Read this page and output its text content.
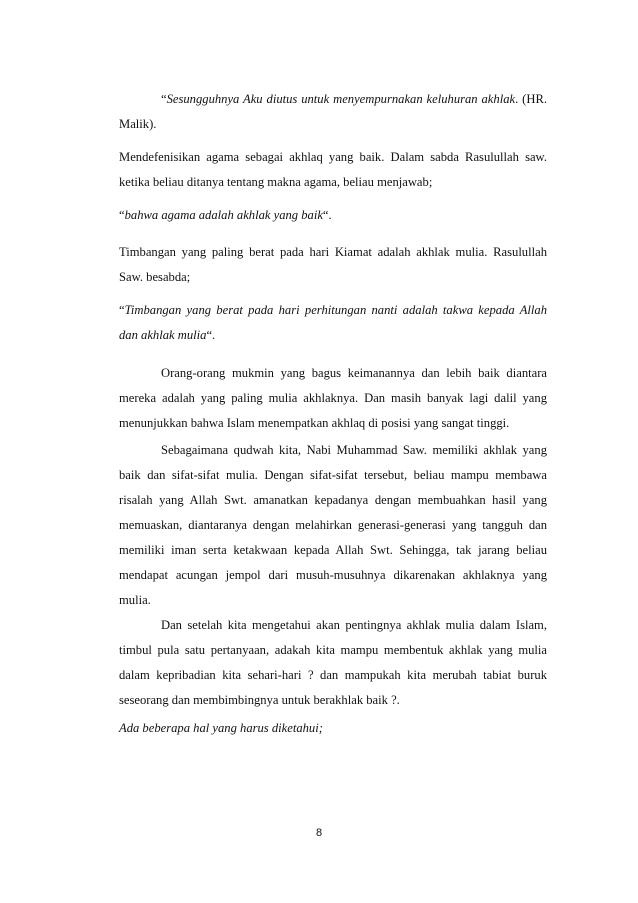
“Sesungguhnya Aku diutus untuk menyempurnakan keluhuran akhlak. (HR. Malik).

Mendefenisikan agama sebagai akhlaq yang baik. Dalam sabda Rasulullah saw. ketika beliau ditanya tentang makna agama, beliau menjawab;

“bahwa agama adalah akhlak yang baik“.

Timbangan yang paling berat pada hari Kiamat adalah akhlak mulia. Rasulullah Saw. besabda;

“Timbangan yang berat pada hari perhitungan nanti adalah takwa kepada Allah dan akhlak mulia“.

Orang-orang mukmin yang bagus keimanannya dan lebih baik diantara mereka adalah yang paling mulia akhlaknya. Dan masih banyak lagi dalil yang menunjukkan bahwa Islam menempatkan akhlaq di posisi yang sangat tinggi.

Sebagaimana qudwah kita, Nabi Muhammad Saw. memiliki akhlak yang baik dan sifat-sifat mulia. Dengan sifat-sifat tersebut, beliau mampu membawa risalah yang Allah Swt. amanatkan kepadanya dengan membuahkan hasil yang memuaskan, diantaranya dengan melahirkan generasi-generasi yang tangguh dan memiliki iman serta ketakwaan kepada Allah Swt. Sehingga, tak jarang beliau mendapat acungan jempol dari musuh-musuhnya dikarenakan akhlaknya yang mulia.

Dan setelah kita mengetahui akan pentingnya akhlak mulia dalam Islam, timbul pula satu pertanyaan, adakah kita mampu membentuk akhlak yang mulia dalam kepribadian kita sehari-hari ? dan mampukah kita merubah tabiat buruk seseorang dan membimbingnya untuk berakhlak baik ?.

Ada beberapa hal yang harus diketahui;

8
